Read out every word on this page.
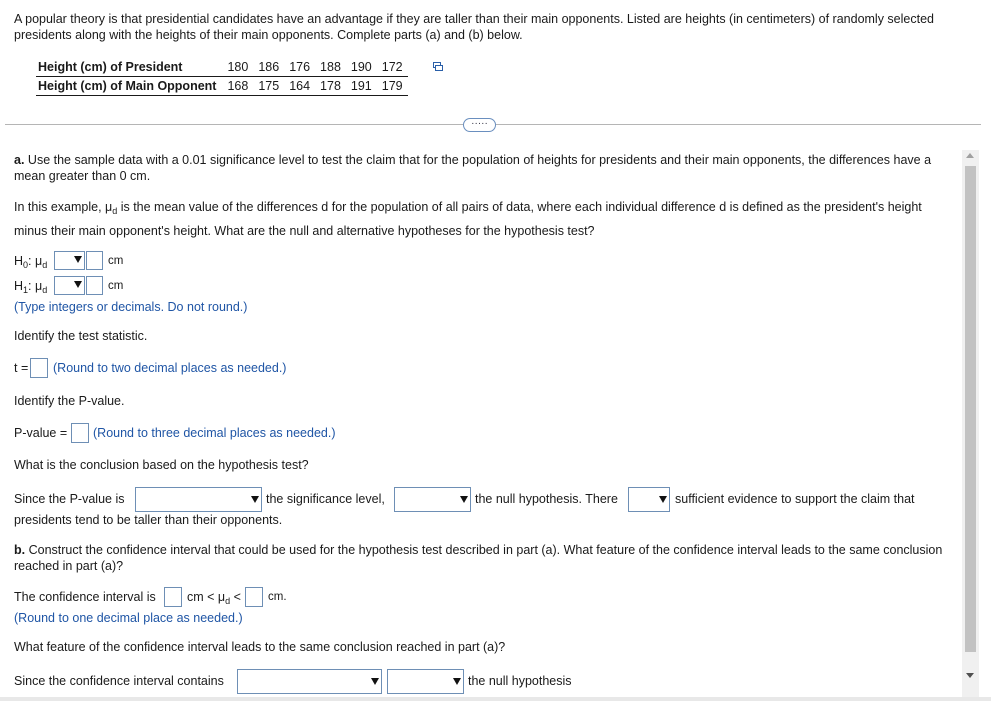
A popular theory is that presidential candidates have an advantage if they are taller than their main opponents. Listed are heights (in centimeters) of randomly selected presidents along with the heights of their main opponents. Complete parts (a) and (b) below.
Height (cm) of President	180	186	176	188	190	172
Height (cm) of Main Opponent	168	175	164	178	191	179
·····
a. Use the sample data with a 0.01 significance level to test the claim that for the population of heights for presidents and their main opponents, the differences have a mean greater than 0 cm.
In this example, $\mu_d$ is the mean value of the differences d for the population of all pairs of data, where each individual difference d is defined as the president's height minus their main opponent's height. What are the null and alternative hypotheses for the hypothesis test?
$H_0$: $\mu_d$	cm
$H_1$: $\mu_d$	cm
(Type integers or decimals. Do not round.)
Identify the test statistic.
t = (Round to two decimal places as needed.)
Identify the P-value.
P-value = (Round to three decimal places as needed.)
What is the conclusion based on the hypothesis test?
Since the P-value is	the significance level,	the null hypothesis. There	sufficient evidence to support the claim that
presidents tend to be taller than their opponents.
b. Construct the confidence interval that could be used for the hypothesis test described in part (a). What feature of the confidence interval leads to the same conclusion reached in part (a)?
The confidence interval is	cm < $\mu_d$ < cm.
(Round to one decimal place as needed.)
What feature of the confidence interval leads to the same conclusion reached in part (a)?
Since the confidence interval contains	the null hypothesis
